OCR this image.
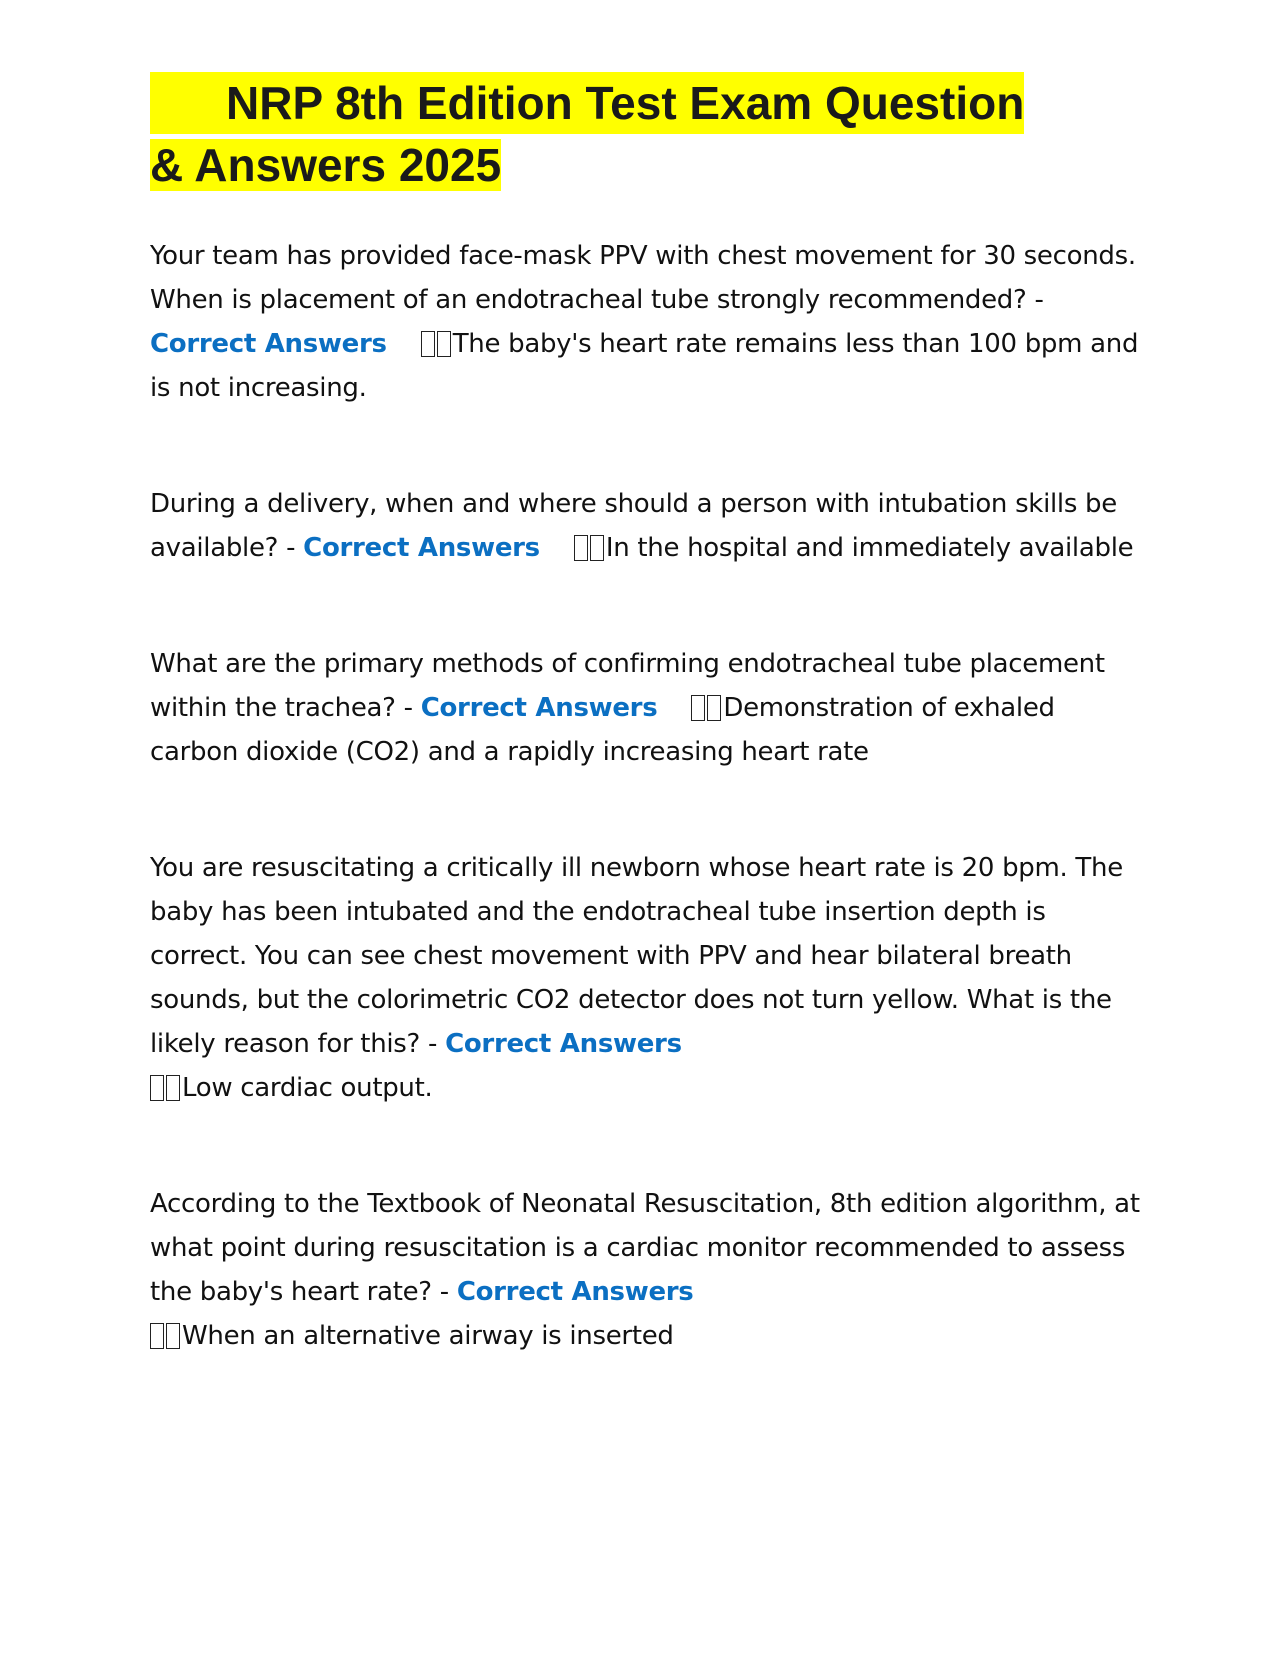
NRP 8th Edition Test Exam Question
& Answers 2025

Your team has provided face-mask PPV with chest movement for 30 seconds. When is placement of an endotracheal tube strongly recommended? - Correct Answers	The baby's heart rate remains less than 100 bpm and is not increasing.

During a delivery, when and where should a person with intubation skills be available? - Correct Answers	In the hospital and immediately available

What are the primary methods of confirming endotracheal tube placement within the trachea? - Correct Answers	Demonstration of exhaled carbon dioxide (CO2) and a rapidly increasing heart rate

You are resuscitating a critically ill newborn whose heart rate is 20 bpm. The baby has been intubated and the endotracheal tube insertion depth is correct. You can see chest movement with PPV and hear bilateral breath sounds, but the colorimetric CO2 detector does not turn yellow. What is the likely reason for this? - Correct Answers
Low cardiac output.

According to the Textbook of Neonatal Resuscitation, 8th edition algorithm, at what point during resuscitation is a cardiac monitor recommended to assess the baby's heart rate? - Correct Answers
When an alternative airway is inserted
